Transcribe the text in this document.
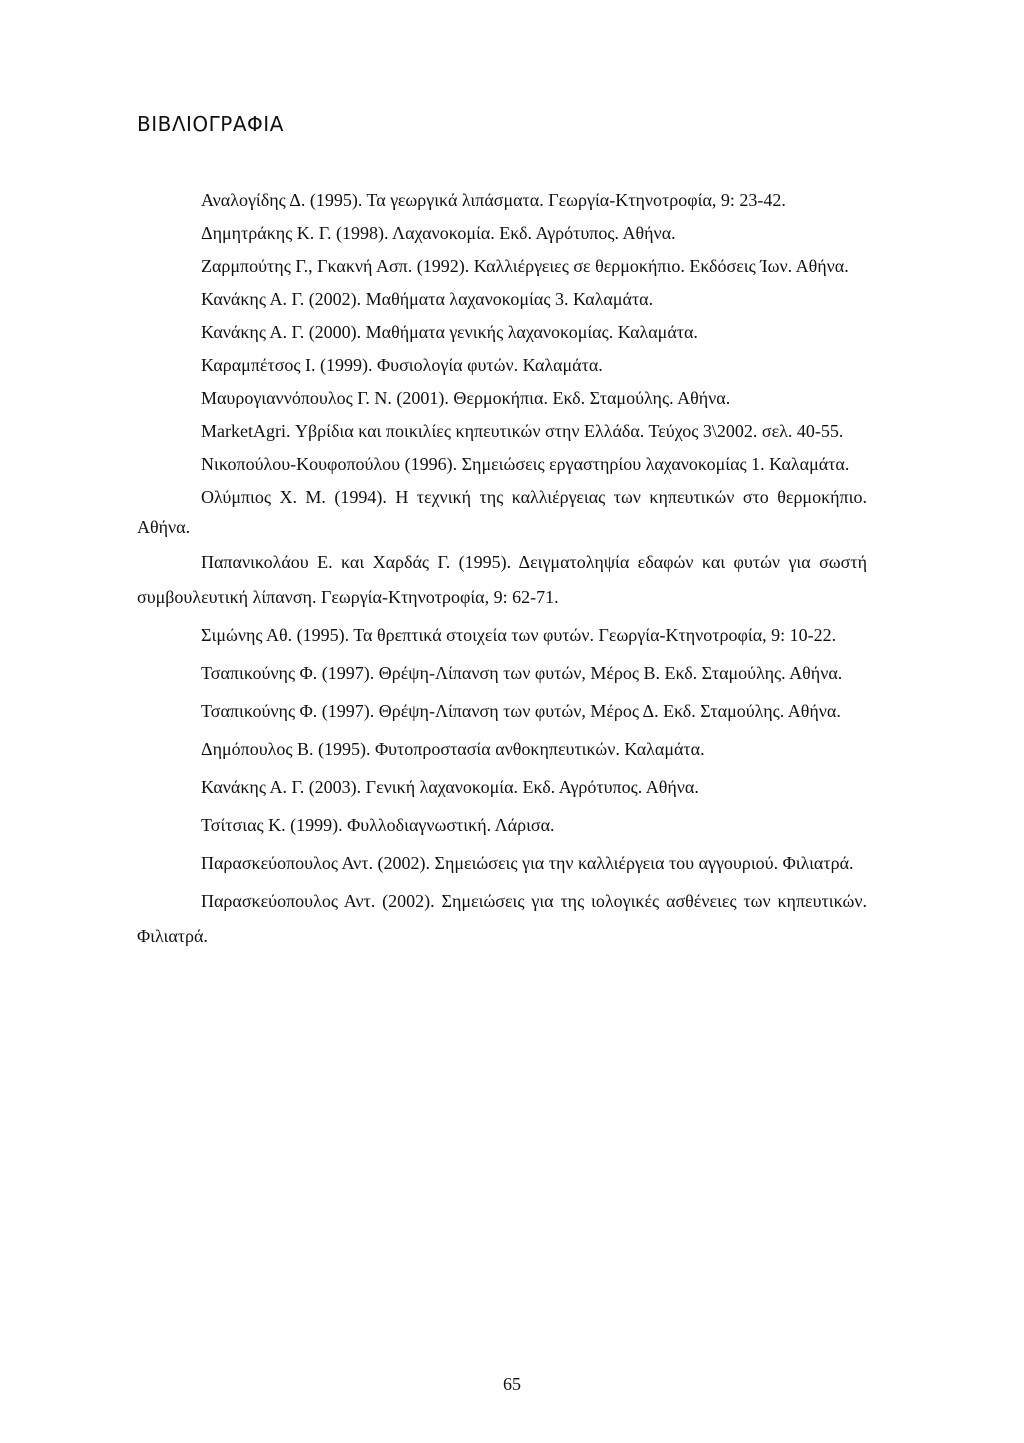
ΒΙΒΛΙΟΓΡΑΦΙΑ

Αναλογίδης Δ. (1995). Τα γεωργικά λιπάσματα. Γεωργία-Κτηνοτροφία, 9: 23-42.

Δημητράκης Κ. Γ. (1998). Λαχανοκομία. Εκδ. Αγρότυπος. Αθήνα.

Ζαρμπούτης Γ., Γκακνή Ασπ. (1992). Καλλιέργειες σε θερμοκήπιο. Εκδόσεις Ίων. Αθήνα.

Κανάκης Α. Γ. (2002). Μαθήματα λαχανοκομίας 3. Καλαμάτα.

Κανάκης Α. Γ. (2000). Μαθήματα γενικής λαχανοκομίας. Καλαμάτα.

Καραμπέτσος Ι. (1999). Φυσιολογία φυτών. Καλαμάτα.

Μαυρογιαννόπουλος Γ. Ν. (2001). Θερμοκήπια. Εκδ. Σταμούλης. Αθήνα.

MarketAgri. Υβρίδια και ποικιλίες κηπευτικών στην Ελλάδα. Τεύχος 3\2002. σελ. 40-55.

Νικοπούλου-Κουφοπούλου (1996). Σημειώσεις εργαστηρίου λαχανοκομίας 1. Καλαμάτα.

Ολύμπιος Χ. Μ. (1994). Η τεχνική της καλλιέργειας των κηπευτικών στο θερμοκήπιο. Αθήνα.

Παπανικολάου Ε. και Χαρδάς Γ. (1995). Δειγματοληψία εδαφών και φυτών για σωστή συμβουλευτική λίπανση. Γεωργία-Κτηνοτροφία, 9: 62-71.

Σιμώνης Αθ. (1995). Τα θρεπτικά στοιχεία των φυτών. Γεωργία-Κτηνοτροφία, 9: 10-22.

Τσαπικούνης Φ. (1997). Θρέψη-Λίπανση των φυτών, Μέρος Β. Εκδ. Σταμούλης. Αθήνα.

Τσαπικούνης Φ. (1997). Θρέψη-Λίπανση των φυτών, Μέρος Δ. Εκδ. Σταμούλης. Αθήνα.

Δημόπουλος Β. (1995). Φυτοπροστασία ανθοκηπευτικών. Καλαμάτα.

Κανάκης Α. Γ. (2003). Γενική λαχανοκομία. Εκδ. Αγρότυπος. Αθήνα.

Τσίτσιας Κ. (1999). Φυλλοδιαγνωστική. Λάρισα.

Παρασκεύοπουλος Αντ. (2002). Σημειώσεις για την καλλιέργεια του αγγουριού. Φιλιατρά.

Παρασκεύοπουλος Αντ. (2002). Σημειώσεις για της ιολογικές ασθένειες των κηπευτικών. Φιλιατρά.

65
